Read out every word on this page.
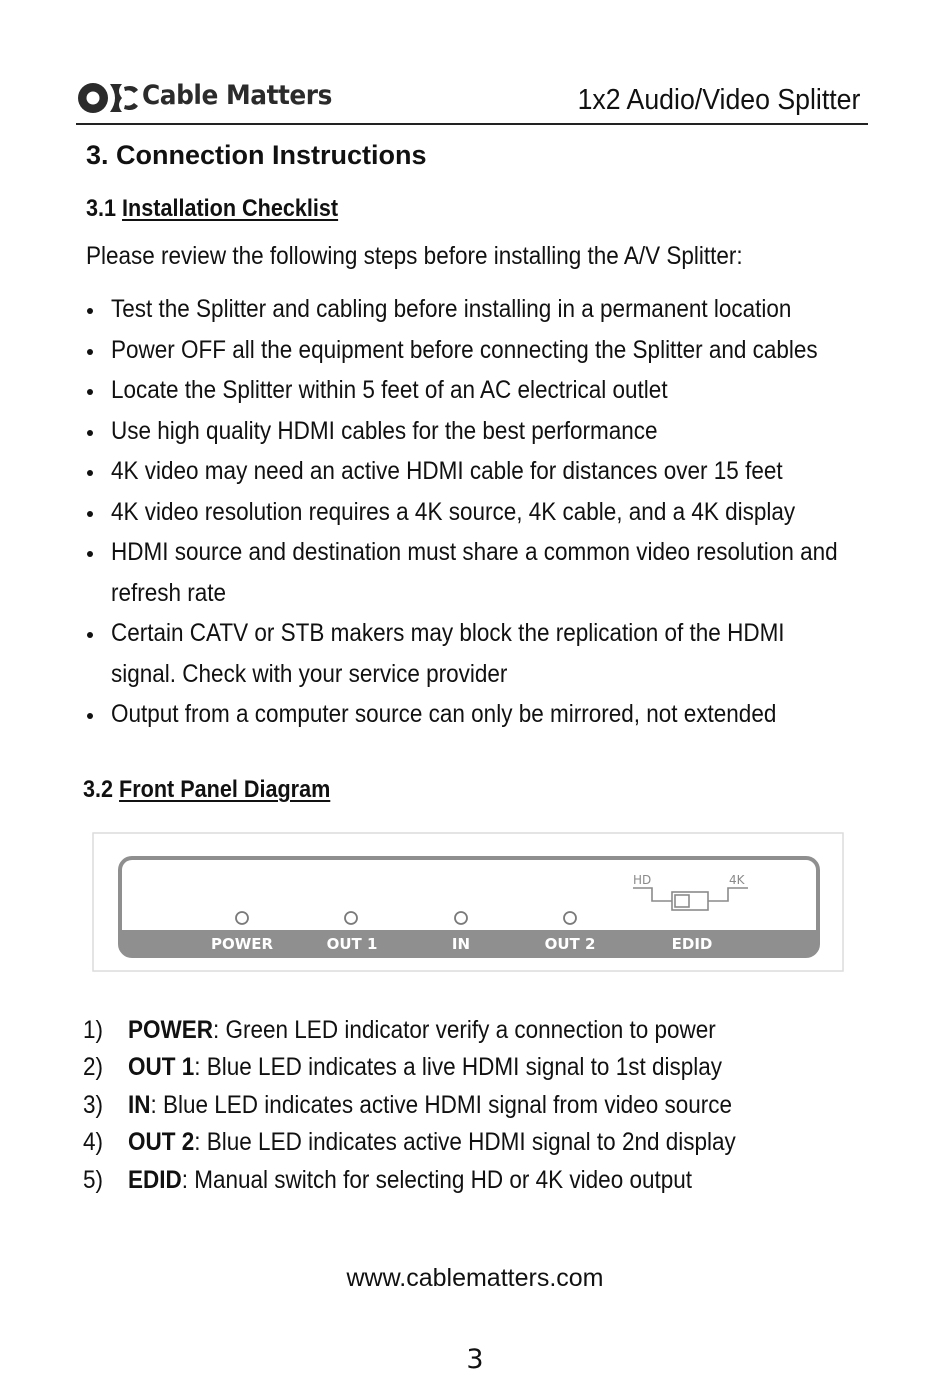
Cable Matters	1x2 Audio/Video Splitter
3. Connection Instructions
3.1 Installation Checklist
Please review the following steps before installing the A/V Splitter:
Test the Splitter and cabling before installing in a permanent location
Power OFF all the equipment before connecting the Splitter and cables
Locate the Splitter within 5 feet of an AC electrical outlet
Use high quality HDMI cables for the best performance
4K video may need an active HDMI cable for distances over 15 feet
4K video resolution requires a 4K source, 4K cable, and a 4K display
HDMI source and destination must share a common video resolution and
refresh rate
Certain CATV or STB makers may block the replication of the HDMI
signal. Check with your service provider
Output from a computer source can only be mirrored, not extended
3.2 Front Panel Diagram
POWER	OUT 1	IN	OUT 2	EDID
HD	4K
1) POWER: Green LED indicator verify a connection to power
2) OUT 1: Blue LED indicates a live HDMI signal to 1st display
3) IN: Blue LED indicates active HDMI signal from video source
4) OUT 2: Blue LED indicates active HDMI signal to 2nd display
5) EDID: Manual switch for selecting HD or 4K video output
www.cablematters.com
3
